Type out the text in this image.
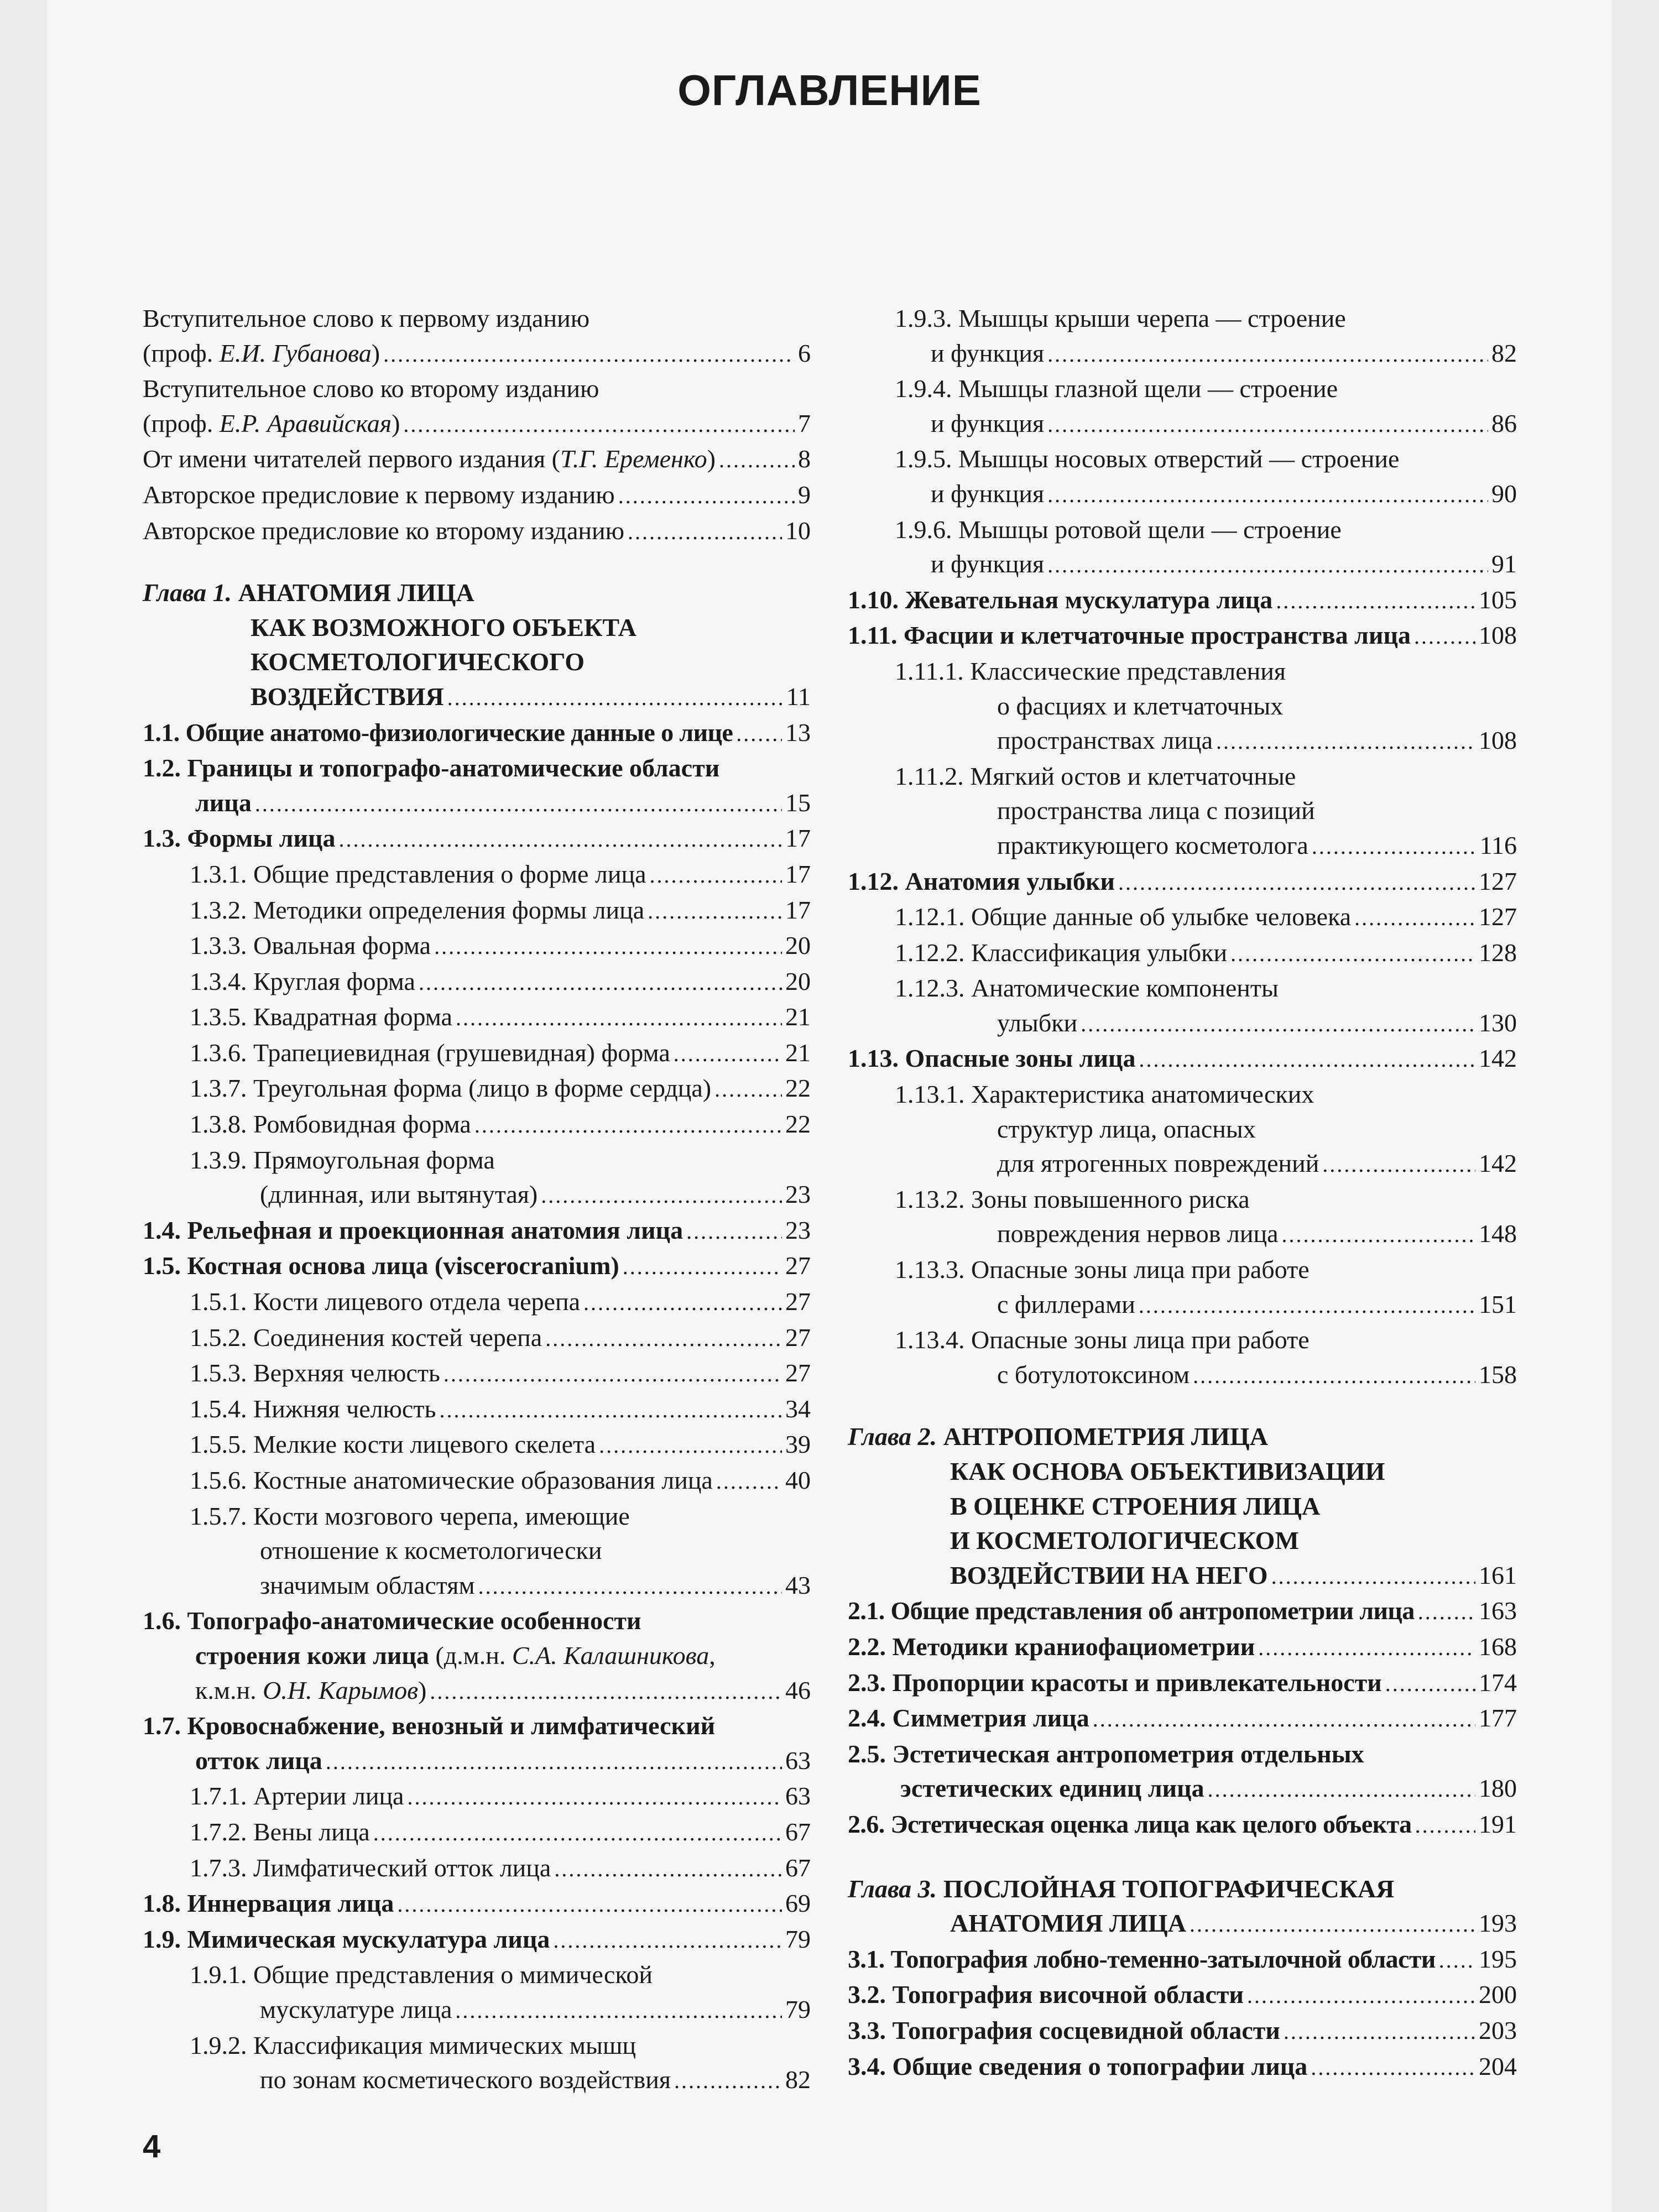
ОГЛАВЛЕНИЕ
Вступительное слово к первому изданию
(проф. Е.И. Губанова) .....	6
Вступительное слово ко второму изданию
(проф. Е.Р. Аравийская) .....	7
От имени читателей первого издания (Т.Г. Еременко) .....	8
Авторское предисловие к первому изданию .....	9
Авторское предисловие ко второму изданию .....	10
Глава 1. АНАТОМИЯ ЛИЦА
КАК ВОЗМОЖНОГО ОБЪЕКТА
КОСМЕТОЛОГИЧЕСКОГО
ВОЗДЕЙСТВИЯ .....	11
1.1. Общие анатомо-физиологические данные о лице ..... 13
1.2. Границы и топографо-анатомические области
лица .....	15
1.3. Формы лица .....	17
1.3.1. Общие представления о форме лица .....	17
1.3.2. Методики определения формы лица .....	17
1.3.3. Овальная форма .....	20
1.3.4. Круглая форма .....	20
1.3.5. Квадратная форма .....	21
1.3.6. Трапециевидная (грушевидная) форма .....	21
1.3.7. Треугольная форма (лицо в форме сердца) .....	22
1.3.8. Ромбовидная форма .....	22
1.3.9. Прямоугольная форма
(длинная, или вытянутая) .....	23
1.4. Рельефная и проекционная анатомия лица .....	23
1.5. Костная основа лица (viscerocranium) .....	27
1.5.1. Кости лицевого отдела черепа .....	27
1.5.2. Соединения костей черепа .....	27
1.5.3. Верхняя челюсть .....	27
1.5.4. Нижняя челюсть .....	34
1.5.5. Мелкие кости лицевого скелета .....	39
1.5.6. Костные анатомические образования лица .....	40
1.5.7. Кости мозгового черепа, имеющие
отношение к косметологически
значимым областям .....	43
1.6. Топографо-анатомические особенности
строения кожи лица (д.м.н. С.А. Калашникова,
к.м.н. О.Н. Карымов) .....	46
1.7. Кровоснабжение, венозный и лимфатический
отток лица .....	63
1.7.1. Артерии лица .....	63
1.7.2. Вены лица .....	67
1.7.3. Лимфатический отток лица .....	67
1.8. Иннервация лица .....	69
1.9. Мимическая мускулатура лица .....	79
1.9.1. Общие представления о мимической
мускулатуре лица .....	79
1.9.2. Классификация мимических мышц
по зонам косметического воздействия .....	82
1.9.3. Мышцы крыши черепа — строение
и функция .....	82
1.9.4. Мышцы глазной щели — строение
и функция .....	86
1.9.5. Мышцы носовых отверстий — строение
и функция .....	90
1.9.6. Мышцы ротовой щели — строение
и функция .....	91
1.10. Жевательная мускулатура лица .....	105
1.11. Фасции и клетчаточные пространства лица .....	108
1.11.1. Классические представления
о фасциях и клетчаточных
пространствах лица .....	108
1.11.2. Мягкий остов и клетчаточные
пространства лица с позиций
практикующего косметолога .....	116
1.12. Анатомия улыбки .....	127
1.12.1. Общие данные об улыбке человека .....	127
1.12.2. Классификация улыбки .....	128
1.12.3. Анатомические компоненты
улыбки .....	130
1.13. Опасные зоны лица .....	142
1.13.1. Характеристика анатомических
структур лица, опасных
для ятрогенных повреждений .....	142
1.13.2. Зоны повышенного риска
повреждения нервов лица .....	148
1.13.3. Опасные зоны лица при работе
с филлерами .....	151
1.13.4. Опасные зоны лица при работе
с ботулотоксином .....	158
Глава 2. АНТРОПОМЕТРИЯ ЛИЦА
КАК ОСНОВА ОБЪЕКТИВИЗАЦИИ
В ОЦЕНКЕ СТРОЕНИЯ ЛИЦА
И КОСМЕТОЛОГИЧЕСКОМ
ВОЗДЕЙСТВИИ НА НЕГО .....	161
2.1. Общие представления об антропометрии лица .....	163
2.2. Методики краниофациометрии .....	168
2.3. Пропорции красоты и привлекательности .....	174
2.4. Симметрия лица .....	177
2.5. Эстетическая антропометрия отдельных
эстетических единиц лица .....	180
2.6. Эстетическая оценка лица как целого объекта .....	191
Глава 3. ПОСЛОЙНАЯ ТОПОГРАФИЧЕСКАЯ
АНАТОМИЯ ЛИЦА .....	193
3.1. Топография лобно-теменно-затылочной области ..... 195
3.2. Топография височной области .....	200
3.3. Топография сосцевидной области .....	203
3.4. Общие сведения о топографии лица .....	204

4
